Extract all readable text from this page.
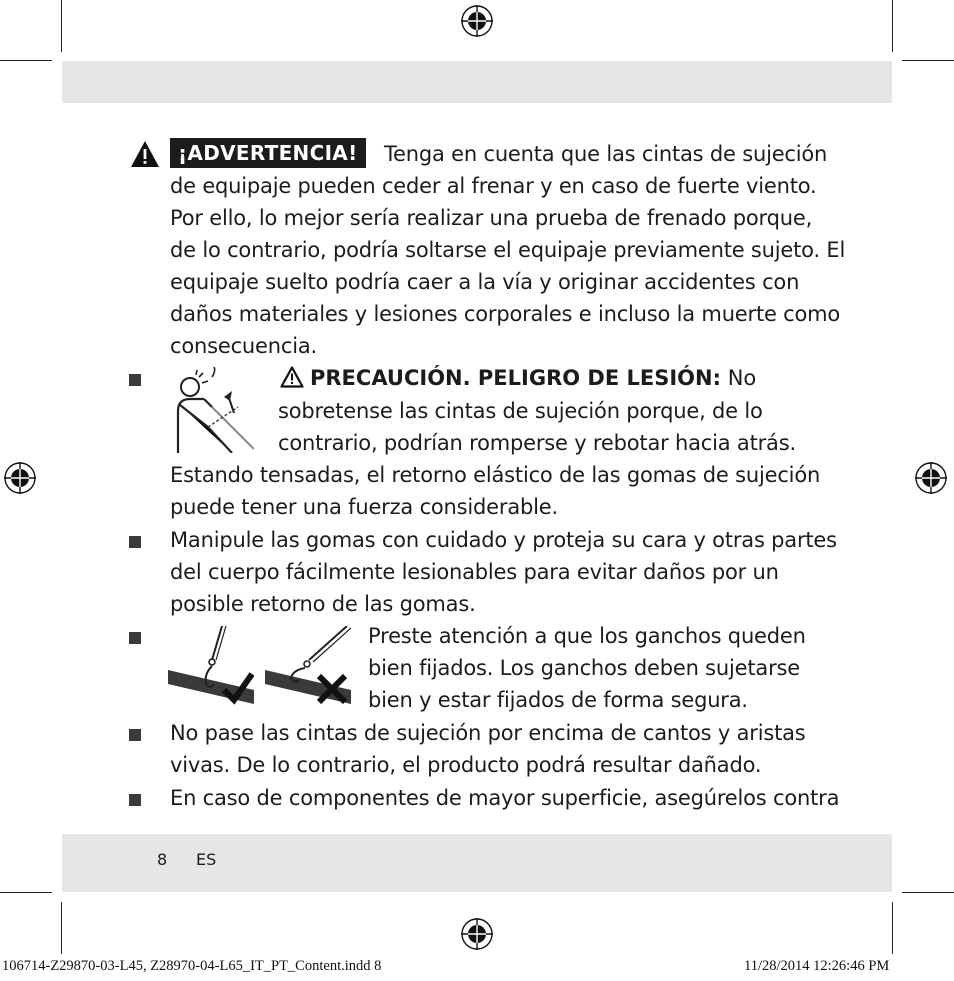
¡ADVERTENCIA!	Tenga en cuenta que las cintas de sujeción
de equipaje pueden ceder al frenar y en caso de fuerte viento.
Por ello, lo mejor sería realizar una prueba de frenado porque,
de lo contrario, podría soltarse el equipaje previamente sujeto. El
equipaje suelto podría caer a la vía y originar accidentes con
daños materiales y lesiones corporales e incluso la muerte como
consecuencia.
PRECAUCIÓN. PELIGRO DE LESIÓN: No
sobretense las cintas de sujeción porque, de lo
contrario, podrían romperse y rebotar hacia atrás.
Estando tensadas, el retorno elástico de las gomas de sujeción
puede tener una fuerza considerable.
Manipule las gomas con cuidado y proteja su cara y otras partes
del cuerpo fácilmente lesionables para evitar daños por un
posible retorno de las gomas.
Preste atención a que los ganchos queden
bien fijados. Los ganchos deben sujetarse
bien y estar fijados de forma segura.
No pase las cintas de sujeción por encima de cantos y aristas
vivas. De lo contrario, el producto podrá resultar dañado.
En caso de componentes de mayor superficie, asegúrelos contra
8 ES
106714-Z29870-03-L45, Z28970-04-L65_IT_PT_Content.indd 8	11/28/2014 12:26:46 PM
